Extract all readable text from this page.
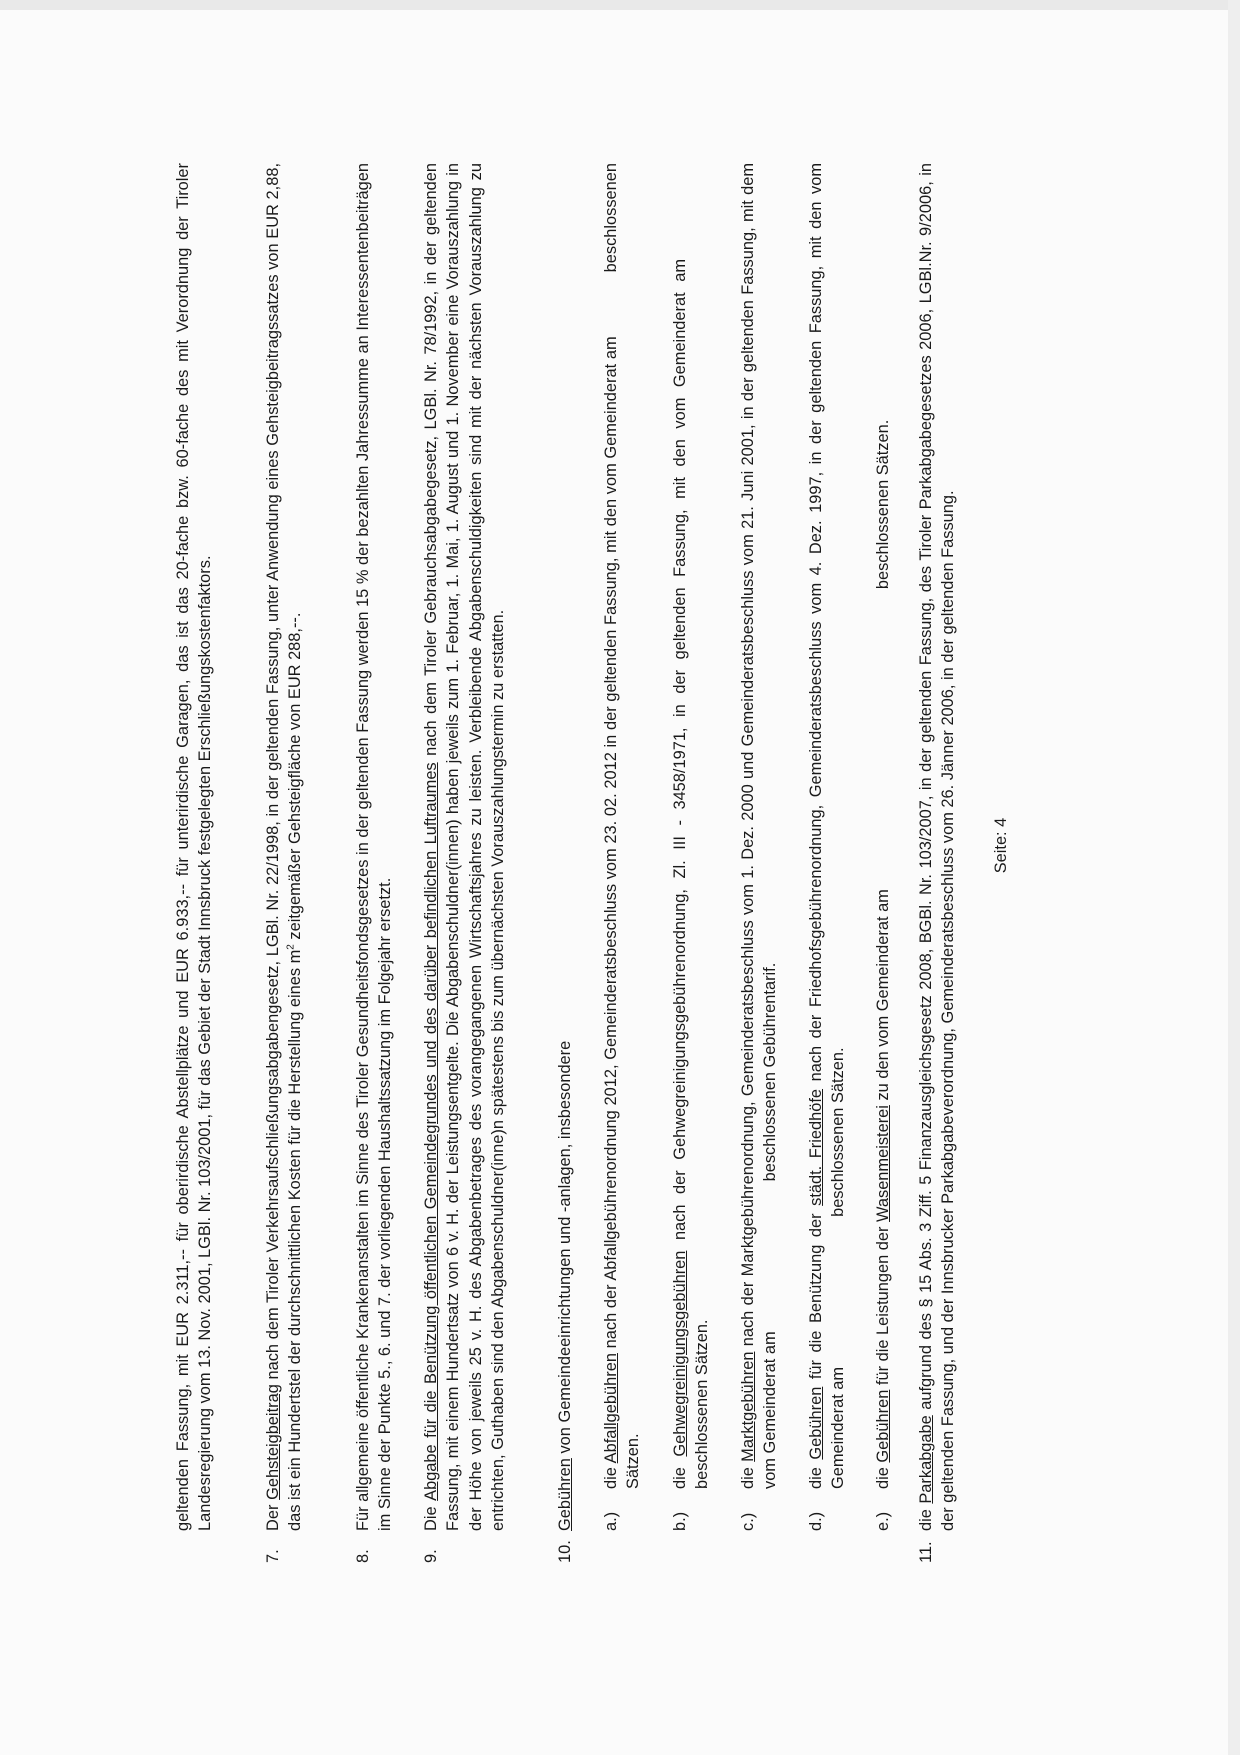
geltenden Fassung, mit EUR 2.311,-- für oberirdische Abstellplätze und EUR 6.933,-- für unterirdische Garagen, das ist das 20-fache bzw. 60-fache des mit Verordnung der Tiroler Landesregierung vom 13. Nov. 2001, LGBl. Nr. 103/2001, für das Gebiet der Stadt Innsbruck festgelegten Erschließungskostenfaktors.
7.
Der Gehsteigbeitrag nach dem Tiroler Verkehrsaufschließungsabgabengesetz, LGBl. Nr. 22/1998, in der geltenden Fassung, unter Anwendung eines Gehsteigbeitragssatzes von EUR 2,88, das ist ein Hundertstel der durchschnittlichen Kosten für die Herstellung eines $m^2$ zeitgemäßer Gehsteigfläche von EUR 288,--.
8.
Für allgemeine öffentliche Krankenanstalten im Sinne des Tiroler Gesundheitsfondsgesetzes in der geltenden Fassung werden 15 % der bezahlten Jahressumme an Interessentenbeiträgen im Sinne der Punkte 5., 6. und 7. der vorliegenden Haushaltssatzung im Folgejahr ersetzt.
9.
Die Abgabe für die Benützung öffentlichen Gemeindegrundes und des darüber befindlichen Luftraumes nach dem Tiroler Gebrauchsabgabegesetz, LGBl. Nr. 78/1992, in der geltenden Fassung, mit einem Hundertsatz von 6 v. H. der Leistungsentgelte. Die Abgabenschuldner(innen) haben jeweils zum 1. Februar, 1. Mai, 1. August und 1. November eine Vorauszahlung in der Höhe von jeweils 25 v. H. des Abgabenbetrages des vorangegangenen Wirtschaftsjahres zu leisten. Verbleibende Abgabenschuldigkeiten sind mit der nächsten Vorauszahlung zu entrichten, Guthaben sind den Abgabenschuldner(inne)n spätestens bis zum übernächsten Vorauszahlungstermin zu erstatten.
10.
Gebühren von Gemeindeeinrichtungen und -anlagen, insbesondere
a.)
die Abfallgebühren nach der Abfallgebührenordnung 2012, Gemeinderatsbeschluss vom 23. 02. 2012 in der geltenden Fassung, mit den vom Gemeinderat ambeschlossenen Sätzen.
b.)
die Gehwegreinigungsgebühren nach der Gehwegreinigungsgebührenordnung, Zl. III - 3458/1971, in der geltenden Fassung, mit den vom Gemeinderat ambeschlossenen Sätzen.
c.)
die Marktgebühren nach der Marktgebührenordnung, Gemeinderatsbeschluss vom 1. Dez. 2000 und Gemeinderatsbeschluss vom 21. Juni 2001, in der geltenden Fassung, mit dem vom Gemeinderat ambeschlossenen Gebührentarif.
d.)
die Gebühren für die Benützung der städt. Friedhöfe nach der Friedhofsgebührenordnung, Gemeinderatsbeschluss vom 4. Dez. 1997, in der geltenden Fassung, mit den vom Gemeinderat ambeschlossenen Sätzen.
e.)
die Gebühren für die Leistungen der Wasenmeisterei zu den vom Gemeinderat ambeschlossenen Sätzen.
11.
die Parkabgabe aufgrund des § 15 Abs. 3 Ziff. 5 Finanzausgleichsgesetz 2008, BGBl. Nr. 103/2007, in der geltenden Fassung, des Tiroler Parkabgabegesetzes 2006, LGBl.Nr. 9/2006, in der geltenden Fassung, und der Innsbrucker Parkabgabeverordnung, Gemeinderatsbeschluss vom 26. Jänner 2006, in der geltenden Fassung. Seite: 4
